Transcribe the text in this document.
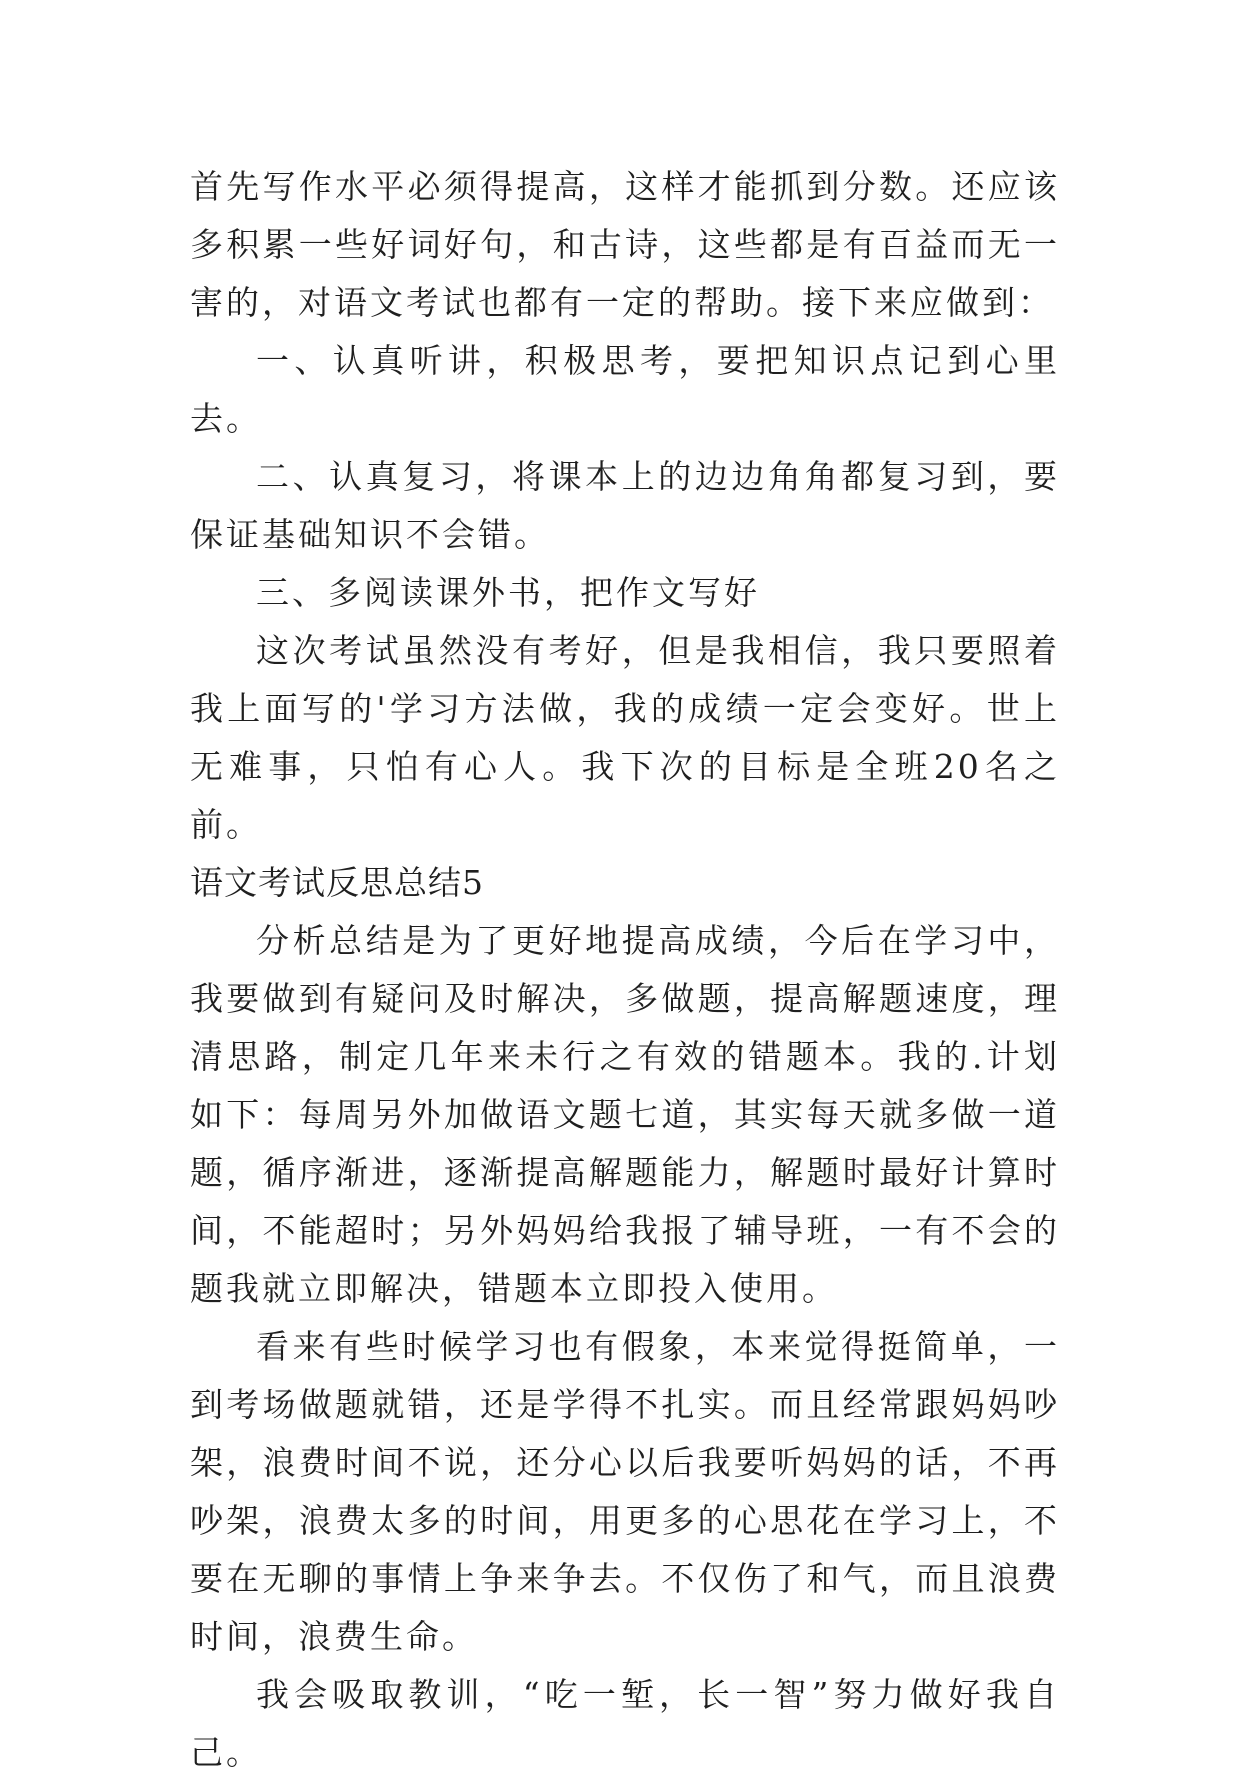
首先写作水平必须得提高，这样才能抓到分数。还应该多积累一些好词好句，和古诗，这些都是有百益而无一害的，对语文考试也都有一定的帮助。接下来应做到：

一、认真听讲，积极思考，要把知识点记到心里去。

二、认真复习，将课本上的边边角角都复习到，要保证基础知识不会错。

三、多阅读课外书，把作文写好

这次考试虽然没有考好，但是我相信，我只要照着我上面写的'学习方法做，我的成绩一定会变好。世上无难事，只怕有心人。我下次的目标是全班20名之前。

语文考试反思总结5

分析总结是为了更好地提高成绩，今后在学习中，我要做到有疑问及时解决，多做题，提高解题速度，理清思路，制定几年来未行之有效的错题本。我的.计划如下：每周另外加做语文题七道，其实每天就多做一道题，循序渐进，逐渐提高解题能力，解题时最好计算时间，不能超时；另外妈妈给我报了辅导班，一有不会的题我就立即解决，错题本立即投入使用。

看来有些时候学习也有假象，本来觉得挺简单，一到考场做题就错，还是学得不扎实。而且经常跟妈妈吵架，浪费时间不说，还分心以后我要听妈妈的话，不再吵架，浪费太多的时间，用更多的心思花在学习上，不要在无聊的事情上争来争去。不仅伤了和气，而且浪费时间，浪费生命。

我会吸取教训，“吃一堑，长一智”努力做好我自己。
